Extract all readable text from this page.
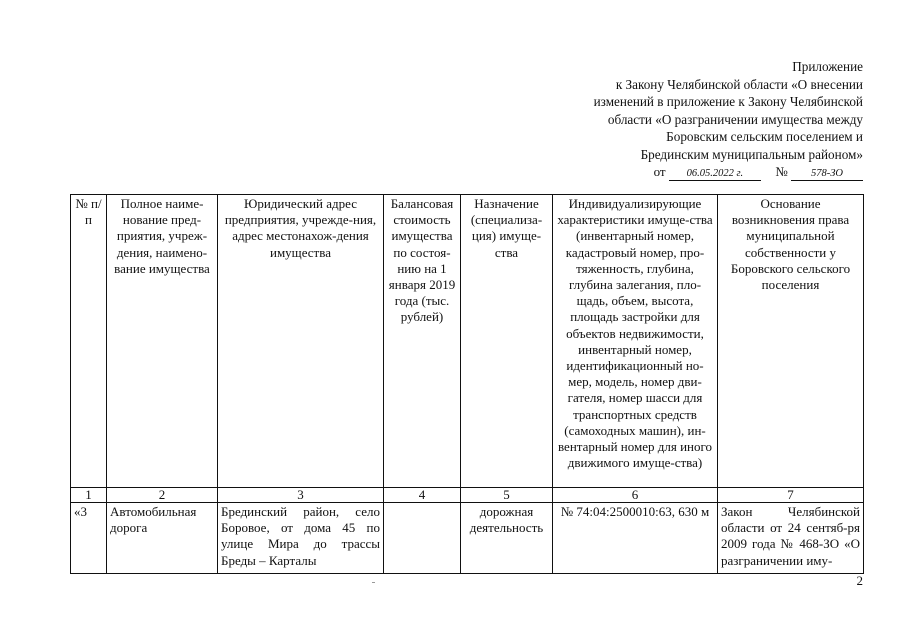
Приложение
к Закону Челябинской области «О внесении
изменений в приложение к Закону Челябинской
области «О разграничении имущества между
Боровским сельским поселением и
Брединским муниципальным районом»
от 06.05.2022 г. № 578-ЗО
№ п/п	Полное наиме-нование пред-приятия, учреж-дения, наимено-вание имущества	Юридический адрес предприятия, учрежде-ния, адрес местонахож-дения имущества	Балансовая стоимость имущества по состоя-нию на 1 января 2019 года (тыс. рублей)	Назначение (специализа-ция) имуще-ства	Индивидуализирующие характеристики имуще-ства (инвентарный номер, кадастровый номер, про-тяженность, глубина, глубина залегания, пло-щадь, объем, высота, площадь застройки для объектов недвижимости, инвентарный номер, идентификационный но-мер, модель, номер дви-гателя, номер шасси для транспортных средств (самоходных машин), ин-вентарный номер для иного движимого имуще-ства)	Основание возникновения права муниципальной собственности у Боровского сельского поселения
1	2	3	4	5	6	7
«3	Автомобильная дорога	Брединский район, село Боровое, от дома 45 по улице Мира до трассы Бреды – Карталы		дорожная деятельность	№ 74:04:2500010:63, 630 м	Закон Челябинской области от 24 сентяб-ря 2009 года № 468-ЗО «О разграничении иму-
2
